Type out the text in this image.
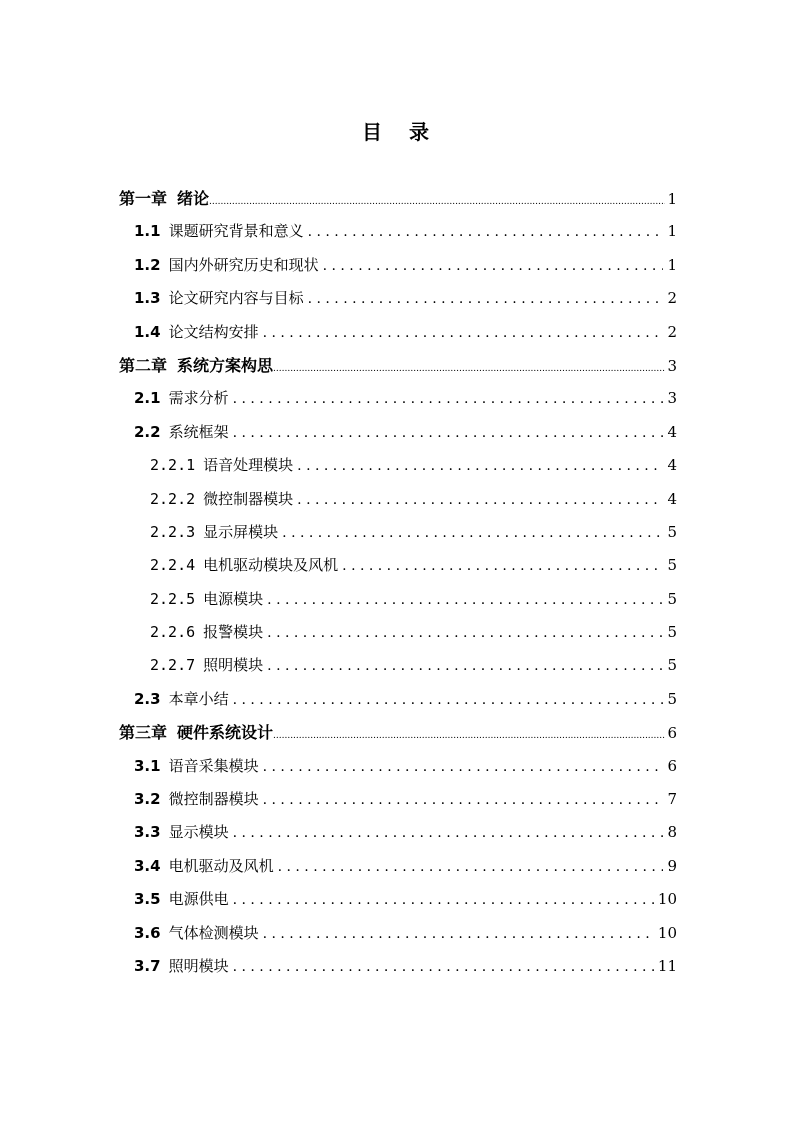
目 录
第一章 绪论 .....	1
1.1 课题研究背景和意义 . . .	1
1.2 国内外研究历史和现状 . . .	1
1.3 论文研究内容与目标 . . .	2
1.4 论文结构安排 . . .	2
第二章 系统方案构思 .....	3
2.1 需求分析 . . .	3
2.2 系统框架 . . .	4
2.2.1 语音处理模块 . . .	4
2.2.2 微控制器模块 . . .	4
2.2.3 显示屏模块 . . .	5
2.2.4 电机驱动模块及风机 . . .	5
2.2.5 电源模块 . . .	5
2.2.6 报警模块 . . .	5
2.2.7 照明模块 . . .	5
2.3 本章小结 . . .	5
第三章 硬件系统设计 .....	6
3.1 语音采集模块 . . .	6
3.2 微控制器模块 . . .	7
3.3 显示模块 . . .	8
3.4 电机驱动及风机 . . .	9
3.5 电源供电 . . .	10
3.6 气体检测模块 . . .	10
3.7 照明模块 . . .	11
